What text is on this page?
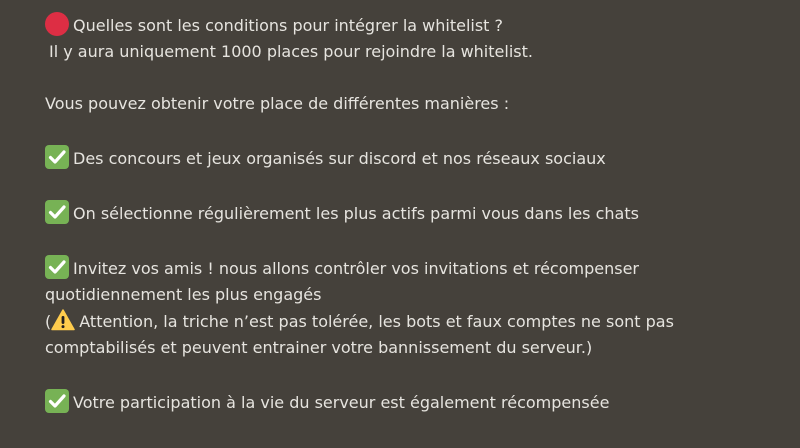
Quelles sont les conditions pour intégrer la whitelist ?
Il y aura uniquement 1000 places pour rejoindre la whitelist.
Vous pouvez obtenir votre place de différentes manières :
Des concours et jeux organisés sur discord et nos réseaux sociaux
On sélectionne régulièrement les plus actifs parmi vous dans les chats
Invitez vos amis ! nous allons contrôler vos invitations et récompenser
quotidiennement les plus engagés
( Attention, la triche n’est pas tolérée, les bots et faux comptes ne sont pas
comptabilisés et peuvent entrainer votre bannissement du serveur.)
Votre participation à la vie du serveur est également récompensée
